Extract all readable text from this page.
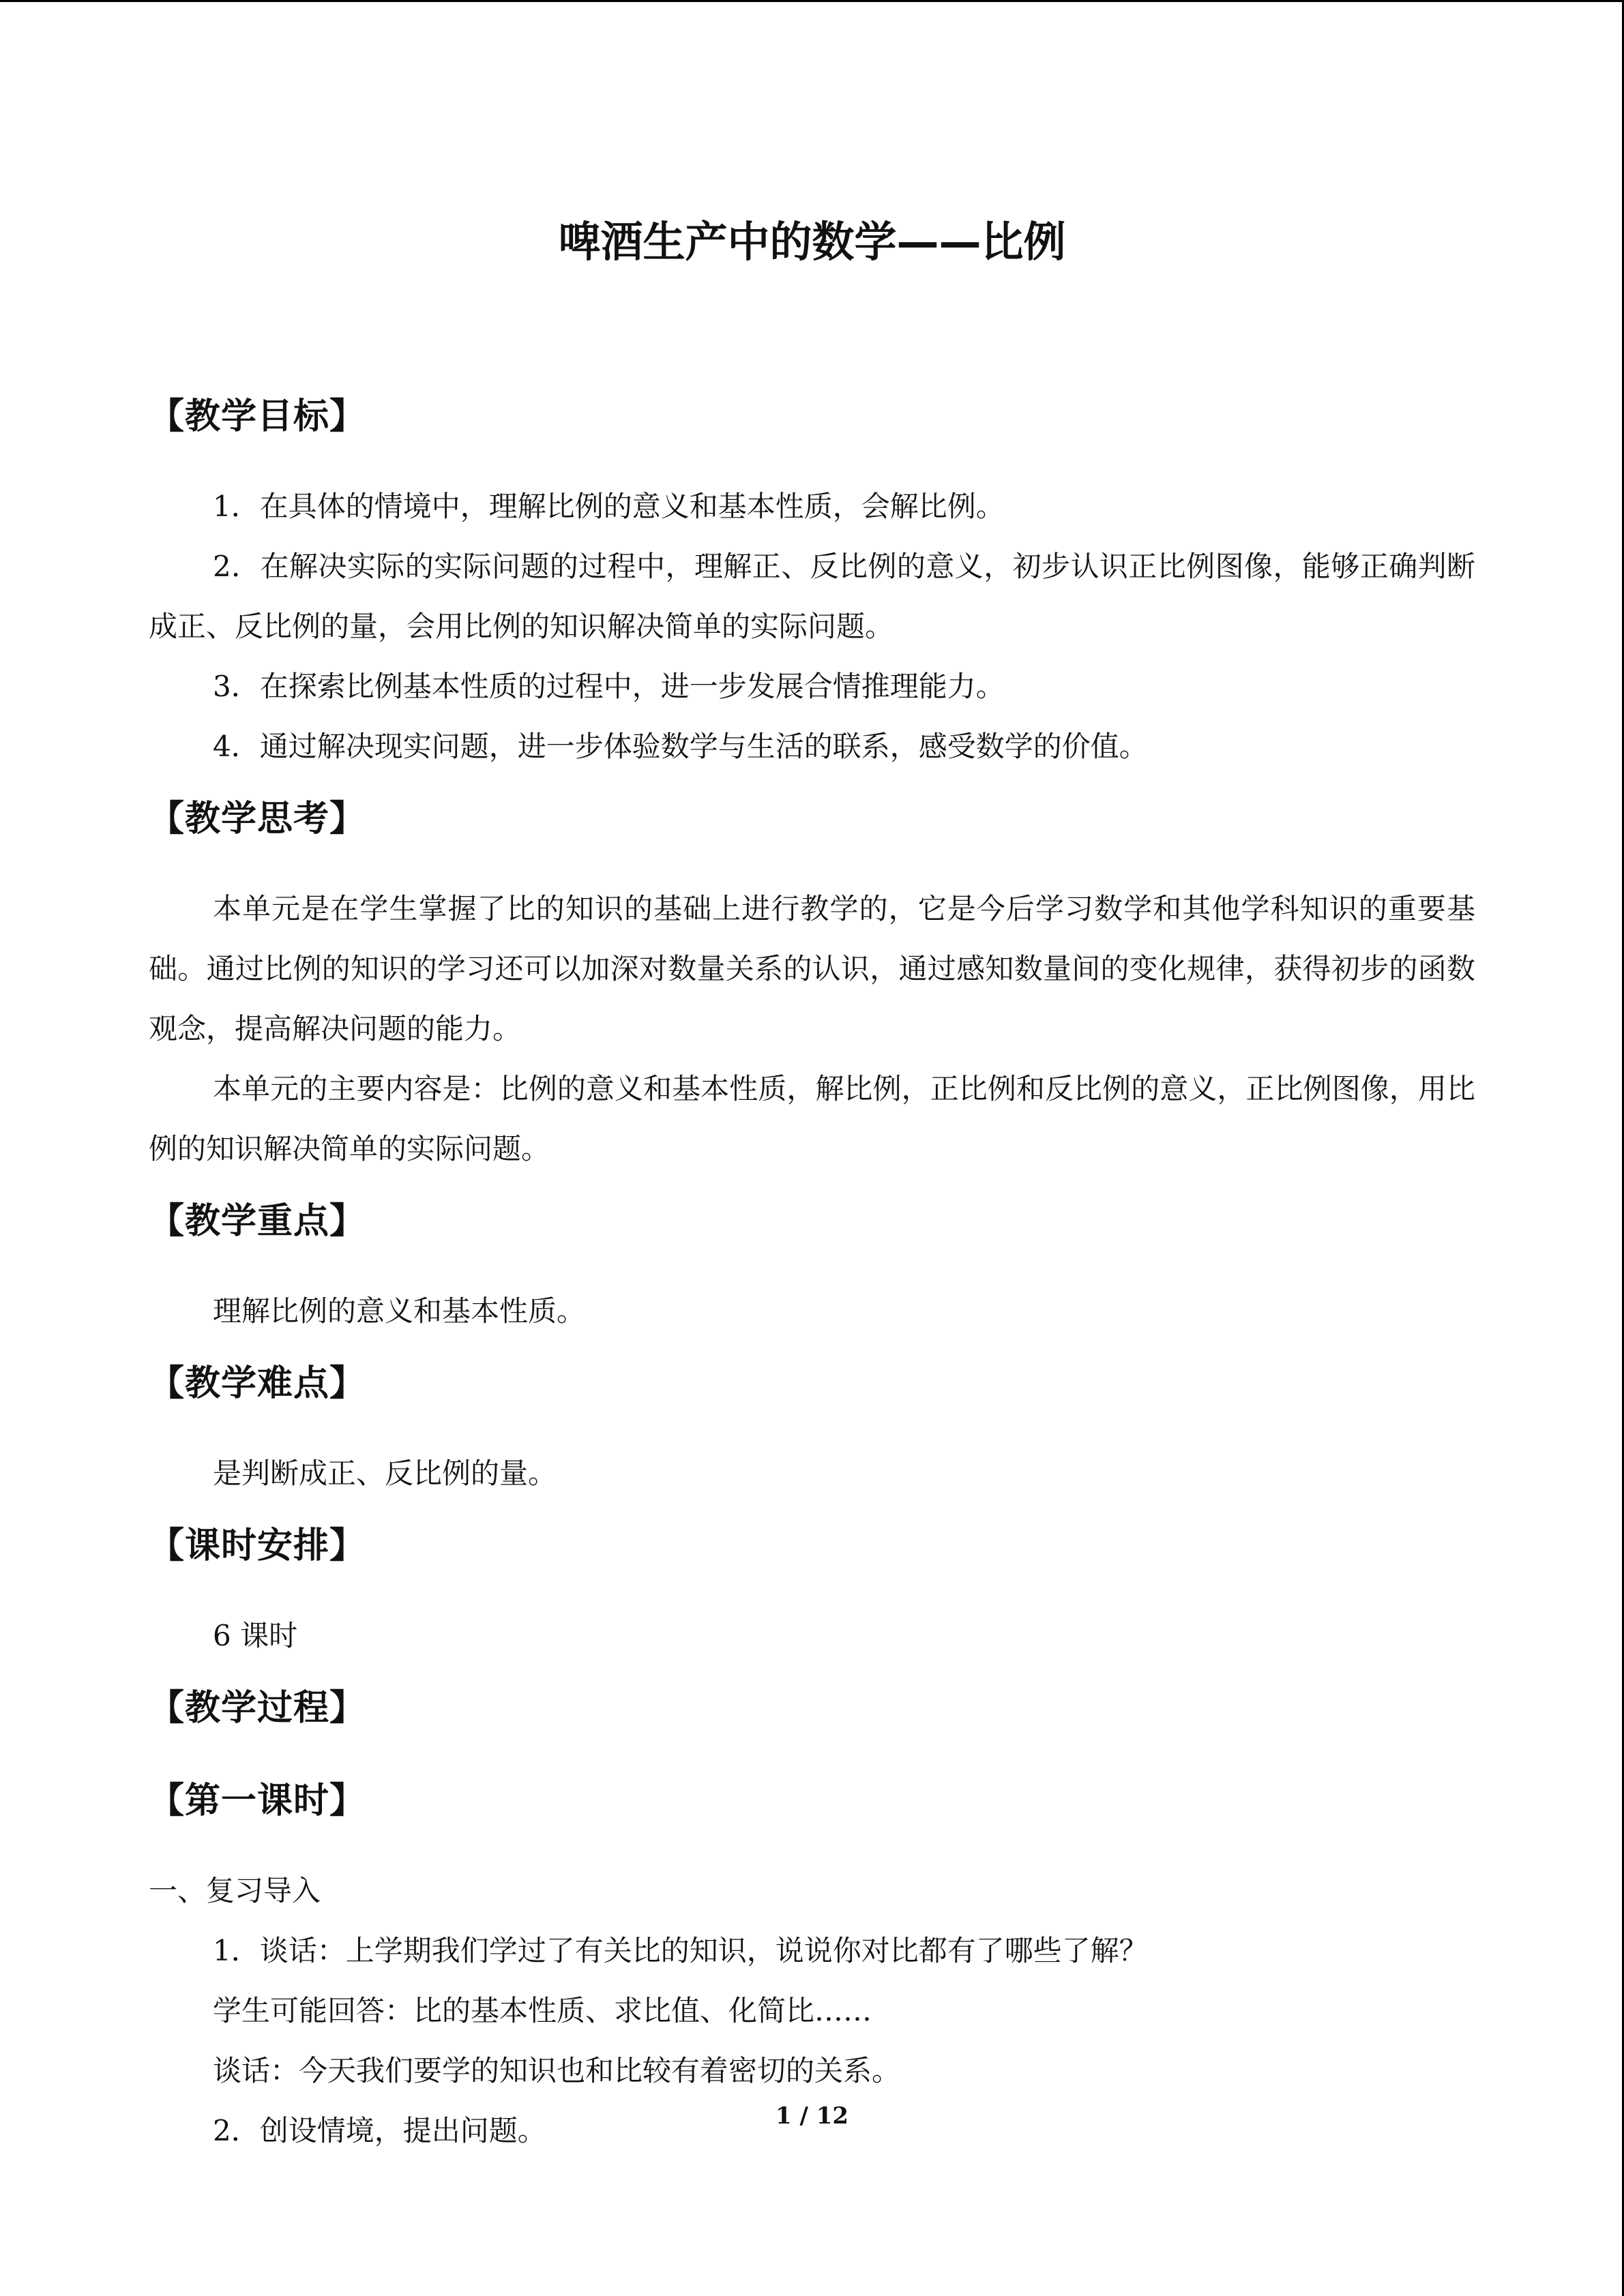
啤酒生产中的数学——比例
【教学目标】

1．在具体的情境中，理解比例的意义和基本性质，会解比例。

2．在解决实际的实际问题的过程中，理解正、反比例的意义，初步认识正比例图像，能够正确判断成正、反比例的量，会用比例的知识解决简单的实际问题。

3．在探索比例基本性质的过程中，进一步发展合情推理能力。

4．通过解决现实问题，进一步体验数学与生活的联系，感受数学的价值。

【教学思考】

本单元是在学生掌握了比的知识的基础上进行教学的，它是今后学习数学和其他学科知识的重要基础。通过比例的知识的学习还可以加深对数量关系的认识，通过感知数量间的变化规律，获得初步的函数观念，提高解决问题的能力。

本单元的主要内容是：比例的意义和基本性质，解比例，正比例和反比例的意义，正比例图像，用比例的知识解决简单的实际问题。

【教学重点】

理解比例的意义和基本性质。

【教学难点】

是判断成正、反比例的量。

【课时安排】

6 课时

【教学过程】
【第一课时】

一、复习导入

1．谈话：上学期我们学过了有关比的知识，说说你对比都有了哪些了解？

学生可能回答：比的基本性质、求比值、化简比……

谈话：今天我们要学的知识也和比较有着密切的关系。

2．创设情境，提出问题。	1 / 12
